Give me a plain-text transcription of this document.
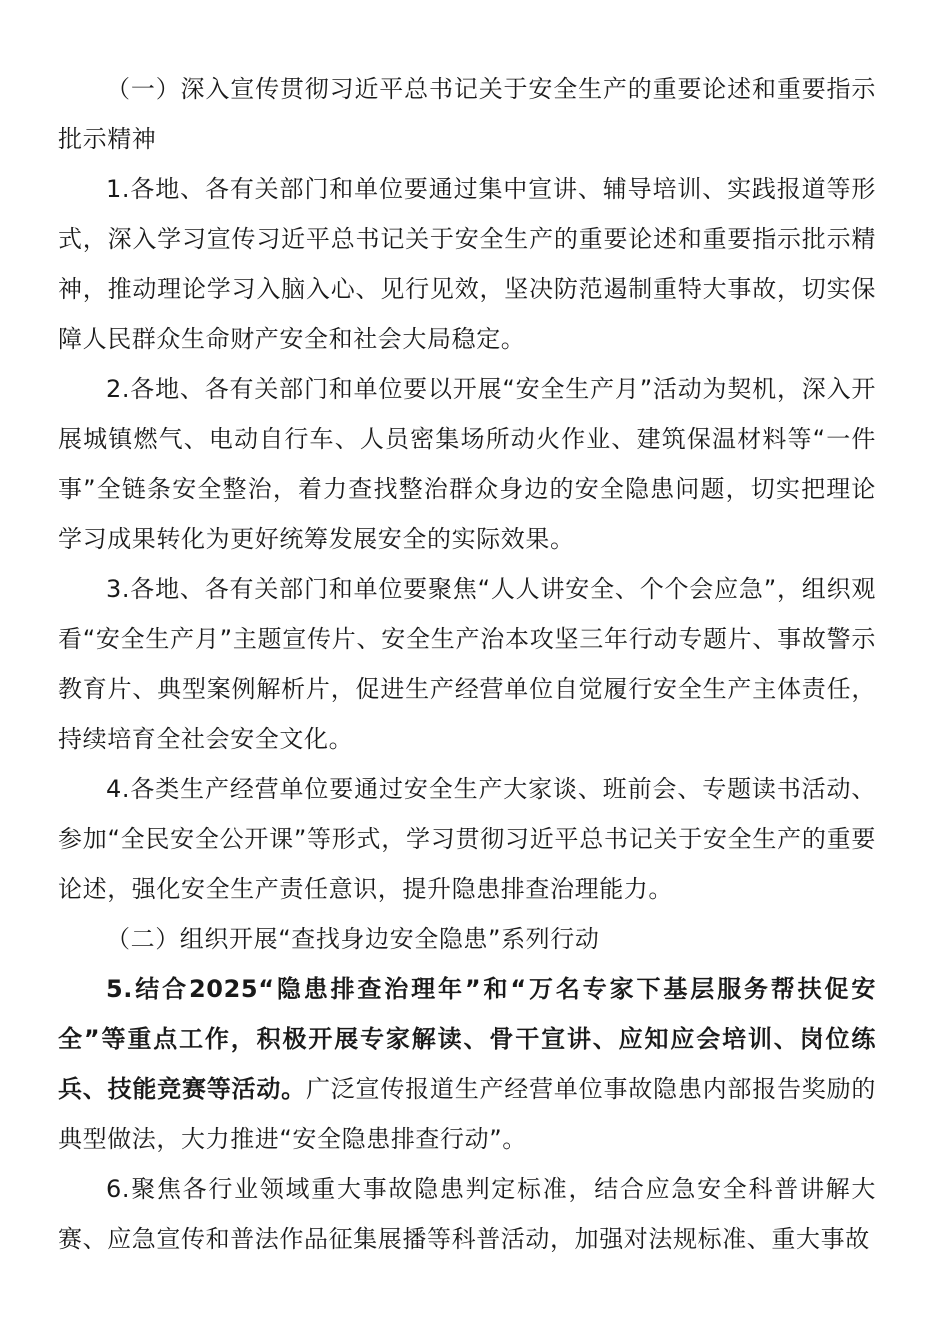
（一）深入宣传贯彻习近平总书记关于安全生产的重要论述和重要指示批示精神

1.各地、各有关部门和单位要通过集中宣讲、辅导培训、实践报道等形式，深入学习宣传习近平总书记关于安全生产的重要论述和重要指示批示精神，推动理论学习入脑入心、见行见效，坚决防范遏制重特大事故，切实保障人民群众生命财产安全和社会大局稳定。

2.各地、各有关部门和单位要以开展“安全生产月”活动为契机，深入开展城镇燃气、电动自行车、人员密集场所动火作业、建筑保温材料等“一件事”全链条安全整治，着力查找整治群众身边的安全隐患问题，切实把理论学习成果转化为更好统筹发展安全的实际效果。

3.各地、各有关部门和单位要聚焦“人人讲安全、个个会应急”，组织观看“安全生产月”主题宣传片、安全生产治本攻坚三年行动专题片、事故警示教育片、典型案例解析片，促进生产经营单位自觉履行安全生产主体责任，持续培育全社会安全文化。

4.各类生产经营单位要通过安全生产大家谈、班前会、专题读书活动、参加“全民安全公开课”等形式，学习贯彻习近平总书记关于安全生产的重要论述，强化安全生产责任意识，提升隐患排查治理能力。

（二）组织开展“查找身边安全隐患”系列行动

5.结合2025“隐患排查治理年”和“万名专家下基层服务帮扶促安全”等重点工作，积极开展专家解读、骨干宣讲、应知应会培训、岗位练兵、技能竞赛等活动。广泛宣传报道生产经营单位事故隐患内部报告奖励的典型做法，大力推进“安全隐患排查行动”。

6.聚焦各行业领域重大事故隐患判定标准，结合应急安全科普讲解大赛、应急宣传和普法作品征集展播等科普活动，加强对法规标准、重大事故
